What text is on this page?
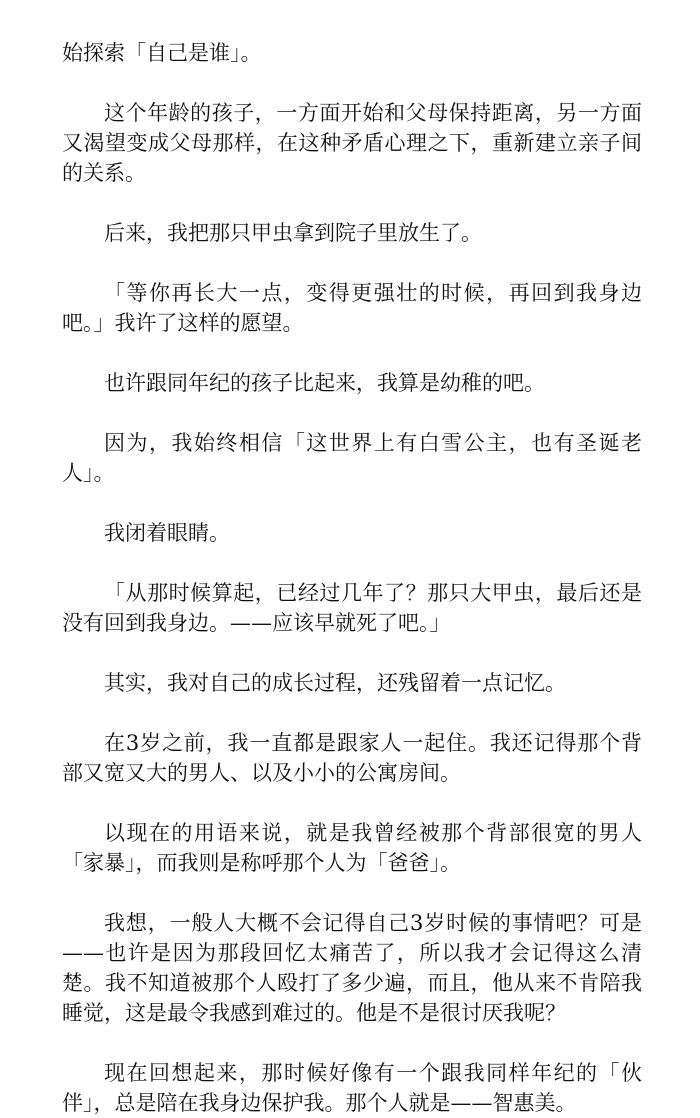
始探索「自己是谁」。

这个年龄的孩子，一方面开始和父母保持距离，另一方面又渴望变成父母那样，在这种矛盾心理之下，重新建立亲子间的关系。

后来，我把那只甲虫拿到院子里放生了。

「等你再长大一点，变得更强壮的时候，再回到我身边吧。」我许了这样的愿望。

也许跟同年纪的孩子比起来，我算是幼稚的吧。

因为，我始终相信「这世界上有白雪公主，也有圣诞老人」。

我闭着眼睛。

「从那时候算起，已经过几年了？那只大甲虫，最后还是没有回到我身边。——应该早就死了吧。」

其实，我对自己的成长过程，还残留着一点记忆。

在3岁之前，我一直都是跟家人一起住。我还记得那个背部又宽又大的男人、以及小小的公寓房间。

以现在的用语来说，就是我曾经被那个背部很宽的男人「家暴」，而我则是称呼那个人为「爸爸」。

我想，一般人大概不会记得自己3岁时候的事情吧？可是——也许是因为那段回忆太痛苦了，所以我才会记得这么清楚。我不知道被那个人殴打了多少遍，而且，他从来不肯陪我睡觉，这是最令我感到难过的。他是不是很讨厌我呢？

现在回想起来，那时候好像有一个跟我同样年纪的「伙伴」，总是陪在我身边保护我。那个人就是——智惠美。
